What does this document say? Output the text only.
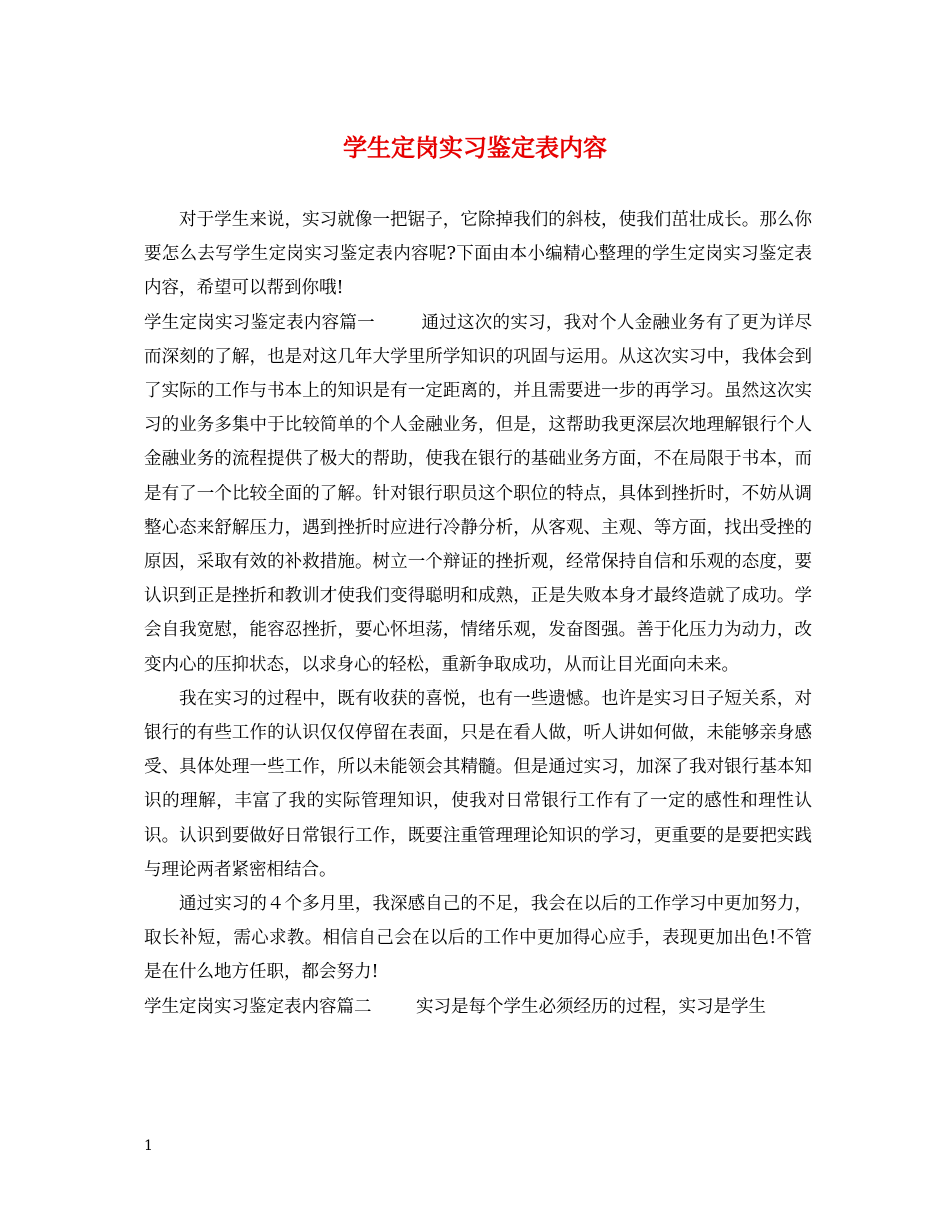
学生定岗实习鉴定表内容

对于学生来说，实习就像一把锯子，它除掉我们的斜枝，使我们茁壮成长。那么你要怎么去写学生定岗实习鉴定表内容呢?下面由本小编精心整理的学生定岗实习鉴定表内容，希望可以帮到你哦!

学生定岗实习鉴定表内容篇一	通过这次的实习，我对个人金融业务有了更为详尽而深刻的了解，也是对这几年大学里所学知识的巩固与运用。从这次实习中，我体会到了实际的工作与书本上的知识是有一定距离的，并且需要进一步的再学习。虽然这次实习的业务多集中于比较简单的个人金融业务，但是，这帮助我更深层次地理解银行个人金融业务的流程提供了极大的帮助，使我在银行的基础业务方面，不在局限于书本，而是有了一个比较全面的了解。针对银行职员这个职位的特点，具体到挫折时，不妨从调整心态来舒解压力，遇到挫折时应进行冷静分析，从客观、主观、等方面，找出受挫的原因，采取有效的补救措施。树立一个辩证的挫折观，经常保持自信和乐观的态度，要认识到正是挫折和教训才使我们变得聪明和成熟，正是失败本身才最终造就了成功。学会自我宽慰，能容忍挫折，要心怀坦荡，情绪乐观，发奋图强。善于化压力为动力，改变内心的压抑状态，以求身心的轻松，重新争取成功，从而让目光面向未来。

我在实习的过程中，既有收获的喜悦，也有一些遗憾。也许是实习日子短关系，对银行的有些工作的认识仅仅停留在表面，只是在看人做，听人讲如何做，未能够亲身感受、具体处理一些工作，所以未能领会其精髓。但是通过实习，加深了我对银行基本知识的理解，丰富了我的实际管理知识，使我对日常银行工作有了一定的感性和理性认识。认识到要做好日常银行工作，既要注重管理理论知识的学习，更重要的是要把实践与理论两者紧密相结合。

通过实习的４个多月里，我深感自己的不足，我会在以后的工作学习中更加努力，取长补短，需心求教。相信自己会在以后的工作中更加得心应手，表现更加出色!不管是在什么地方任职，都会努力!

学生定岗实习鉴定表内容篇二	实习是每个学生必须经历的过程，实习是学生

1
